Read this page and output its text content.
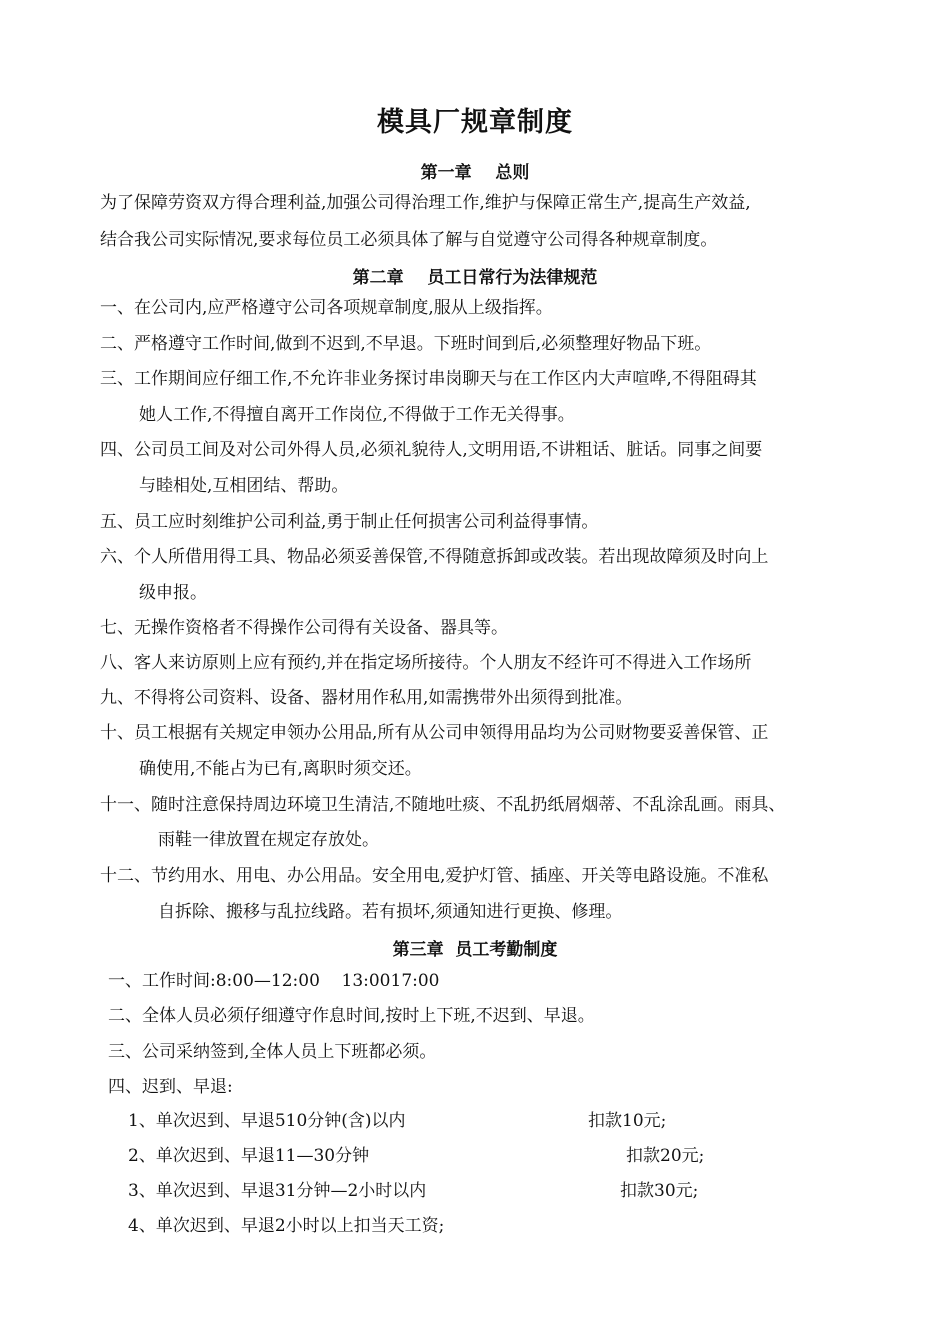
模具厂规章制度
第一章    总则
为了保障劳资双方得合理利益,加强公司得治理工作,维护与保障正常生产,提高生产效益,
结合我公司实际情况,要求每位员工必须具体了解与自觉遵守公司得各种规章制度。
第二章    员工日常行为法律规范
一、在公司内,应严格遵守公司各项规章制度,服从上级指挥。
二、严格遵守工作时间,做到不迟到,不早退。下班时间到后,必须整理好物品下班。
三、工作期间应仔细工作,不允许非业务探讨串岗聊天与在工作区内大声喧哗,不得阻碍其
她人工作,不得擅自离开工作岗位,不得做于工作无关得事。
四、公司员工间及对公司外得人员,必须礼貌待人,文明用语,不讲粗话、脏话。同事之间要
与睦相处,互相团结、帮助。
五、员工应时刻维护公司利益,勇于制止任何损害公司利益得事情。
六、个人所借用得工具、物品必须妥善保管,不得随意拆卸或改装。若出现故障须及时向上
级申报。
七、无操作资格者不得操作公司得有关设备、器具等。
八、客人来访原则上应有预约,并在指定场所接待。个人朋友不经许可不得进入工作场所
九、不得将公司资料、设备、器材用作私用,如需携带外出须得到批准。
十、员工根据有关规定申领办公用品,所有从公司申领得用品均为公司财物要妥善保管、正
确使用,不能占为已有,离职时须交还。
十一、随时注意保持周边环境卫生清洁,不随地吐痰、不乱扔纸屑烟蒂、不乱涂乱画。雨具、
雨鞋一律放置在规定存放处。
十二、节约用水、用电、办公用品。安全用电,爱护灯管、插座、开关等电路设施。不准私
自拆除、搬移与乱拉线路。若有损坏,须通知进行更换、修理。
第三章  员工考勤制度
一、工作时间:8:00—12:00    13:0017:00
二、全体人员必须仔细遵守作息时间,按时上下班,不迟到、早退。
三、公司采纳签到,全体人员上下班都必须。
四、迟到、早退:
1、单次迟到、早退510分钟(含)以内	扣款10元;
2、单次迟到、早退11—30分钟	扣款20元;
3、单次迟到、早退31分钟—2小时以内	扣款30元;
4、单次迟到、早退2小时以上扣当天工资;
